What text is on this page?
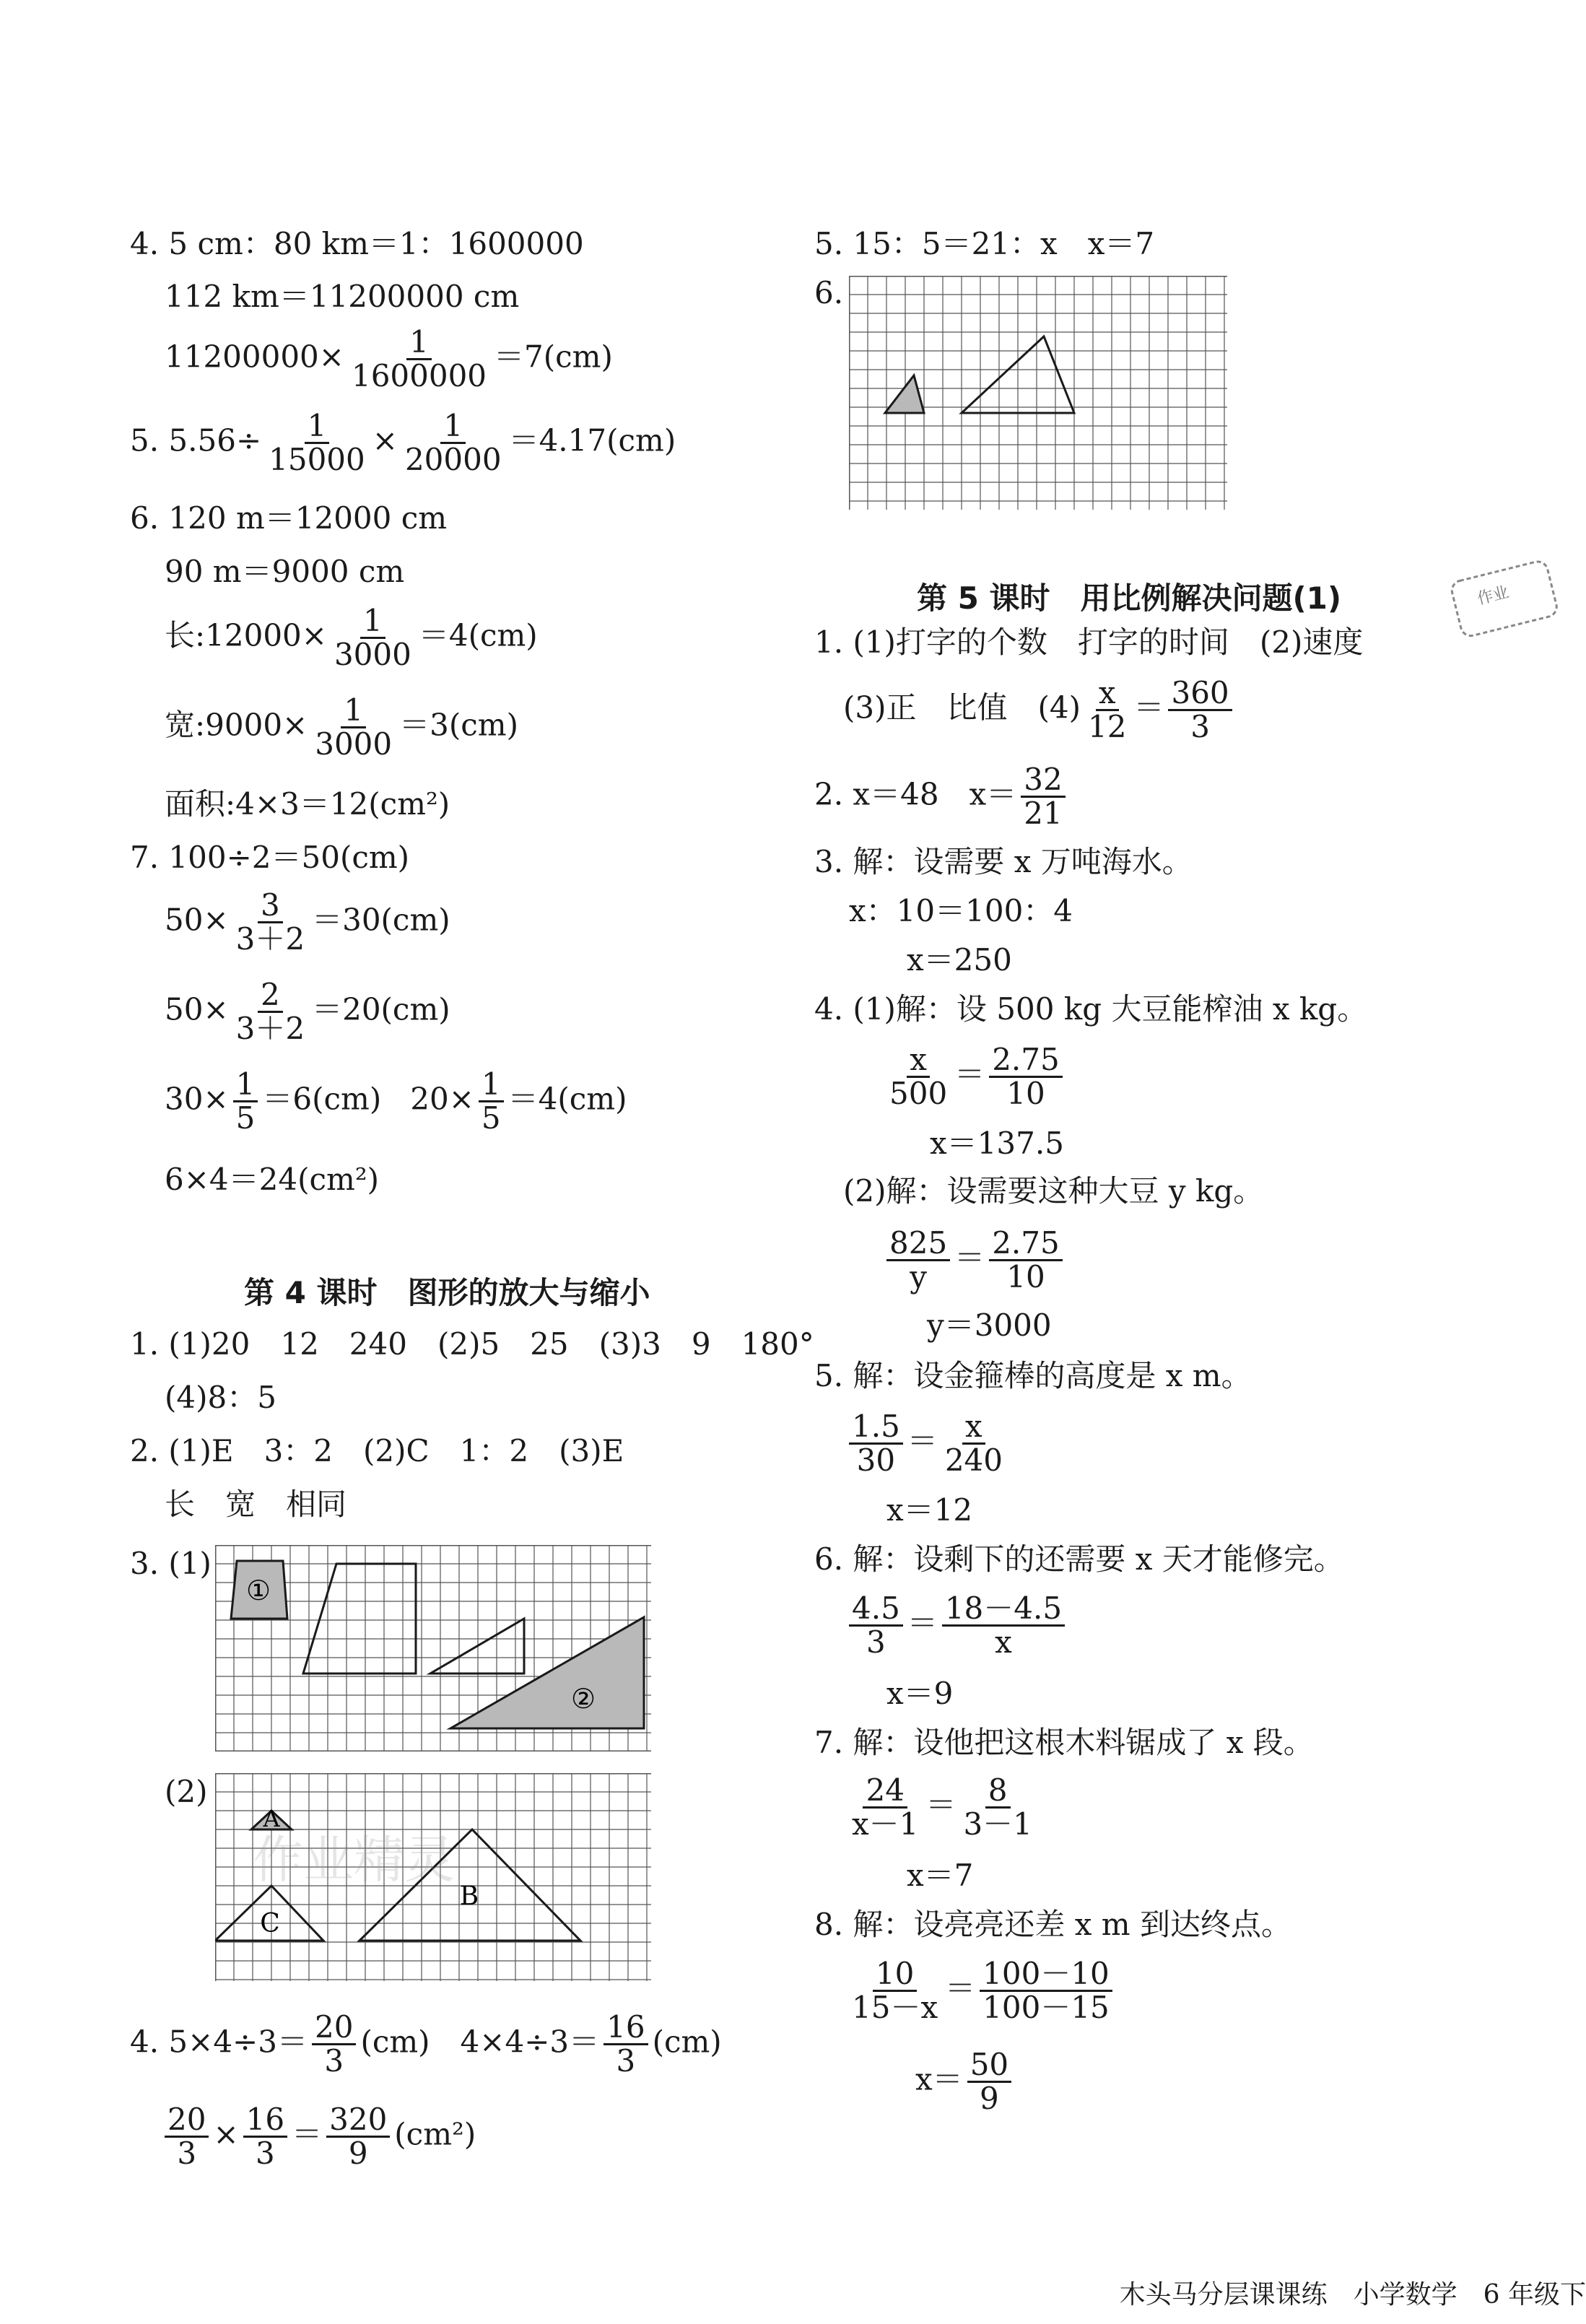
4. 5 cm：80 km＝1：1600000
112 km＝11200000 cm
$11200000\times \frac{1}{1600000} =7(cm)$
5. $5.56\div \frac{1}{15000} \times \frac{1}{20000} =4.17(cm)$
6. 120 m＝12000 cm
90 m＝9000 cm
长:12000× $\frac{1}{3000} =4(cm)$
宽:9000× $\frac{1}{3000} =3(cm)$
面积:4×3＝12(cm²)
7. 100÷2＝50(cm)
$50\times \frac{3}{3+2} =30(cm)$
$50\times \frac{2}{3+2} =20(cm)$
$30\times \frac{1}{5} =6(cm)$   $20\times \frac{1}{5} =4(cm)$
6×4＝24(cm²)
第 4 课时　图形的放大与缩小
1. (1)20　12　240　(2)5　25　(3)3　9　180°
(4)8：5
2. (1)E　3：2　(2)C　1：2　(3)E
长　宽　相同
3. (1)
①
②
(2)
A
B
C
4. $5\times 4\div 3= \frac{20}{3} (cm)$　$4\times 4\div 3= \frac{16}{3} (cm)$
$\frac{20}{3} \times \frac{16}{3} = \frac{320}{9} (cm^2)$
5. 15：5＝21：x　x＝7
6.
第 5 课时　用比例解决问题(1)
1. (1)打字的个数　打字的时间　(2)速度
(3)正　比值　$(4) \frac{x}{12} = \frac{360}{3}$
2. x＝48　$x= \frac{32}{21}$
3. 解：设需要 x 万吨海水。
x：10＝100：4
x＝250
4. (1)解：设 500 kg 大豆能榨油 x kg。
$\frac{x}{500} = \frac{2.75}{10}$
x＝137.5
(2)解：设需要这种大豆 y kg。
$\frac{825}{y} = \frac{2.75}{10}$
y＝3000
5. 解：设金箍棒的高度是 x m。
$\frac{1.5}{30} = \frac{x}{240}$
x＝12
6. 解：设剩下的还需要 x 天才能修完。
$\frac{4.5}{3} = \frac{18-4.5}{x}$
x＝9
7. 解：设他把这根木料锯成了 x 段。
$\frac{24}{x-1} = \frac{8}{3-1}$
x＝7
8. 解：设亮亮还差 x m 到达终点。
$\frac{10}{15-x} = \frac{100-10}{100-15}$
$x= \frac{50}{9}$
作业
作业精灵
木头马分层课课练　小学数学　6 年级下
